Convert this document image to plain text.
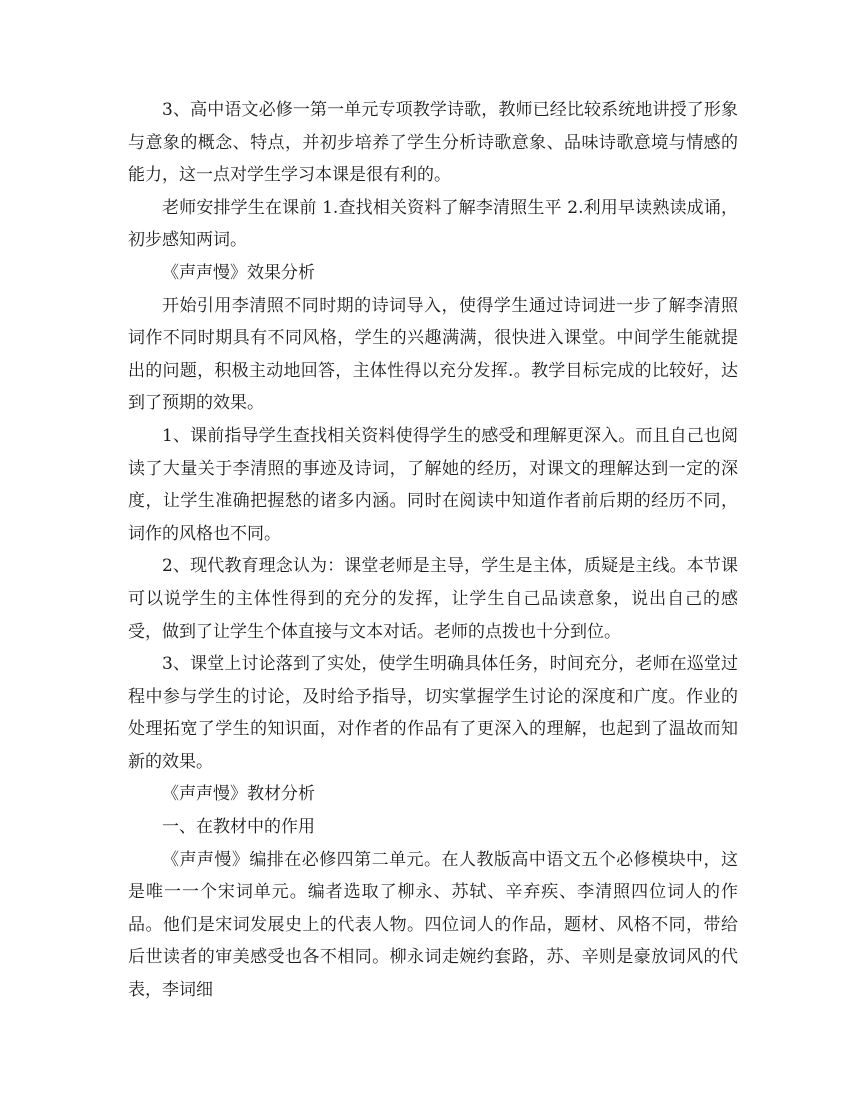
3、高中语文必修一第一单元专项教学诗歌，教师已经比较系统地讲授了形象与意象的概念、特点，并初步培养了学生分析诗歌意象、品味诗歌意境与情感的能力，这一点对学生学习本课是很有利的。

老师安排学生在课前 1.查找相关资料了解李清照生平 2.利用早读熟读成诵，初步感知两词。

《声声慢》效果分析

开始引用李清照不同时期的诗词导入，使得学生通过诗词进一步了解李清照词作不同时期具有不同风格，学生的兴趣满满，很快进入课堂。中间学生能就提出的问题，积极主动地回答，主体性得以充分发挥.。教学目标完成的比较好，达到了预期的效果。

1、课前指导学生查找相关资料使得学生的感受和理解更深入。而且自己也阅读了大量关于李清照的事迹及诗词，了解她的经历，对课文的理解达到一定的深度，让学生准确把握愁的诸多内涵。同时在阅读中知道作者前后期的经历不同，词作的风格也不同。

2、现代教育理念认为：课堂老师是主导，学生是主体，质疑是主线。本节课可以说学生的主体性得到的充分的发挥，让学生自己品读意象，说出自己的感受，做到了让学生个体直接与文本对话。老师的点拨也十分到位。

3、课堂上讨论落到了实处，使学生明确具体任务，时间充分，老师在巡堂过程中参与学生的讨论，及时给予指导，切实掌握学生讨论的深度和广度。作业的处理拓宽了学生的知识面，对作者的作品有了更深入的理解，也起到了温故而知新的效果。

《声声慢》教材分析

一、在教材中的作用

《声声慢》编排在必修四第二单元。在人教版高中语文五个必修模块中，这是唯一一个宋词单元。编者选取了柳永、苏轼、辛弃疾、李清照四位词人的作品。他们是宋词发展史上的代表人物。四位词人的作品，题材、风格不同，带给后世读者的审美感受也各不相同。柳永词走婉约套路，苏、辛则是豪放词风的代表，李词细
